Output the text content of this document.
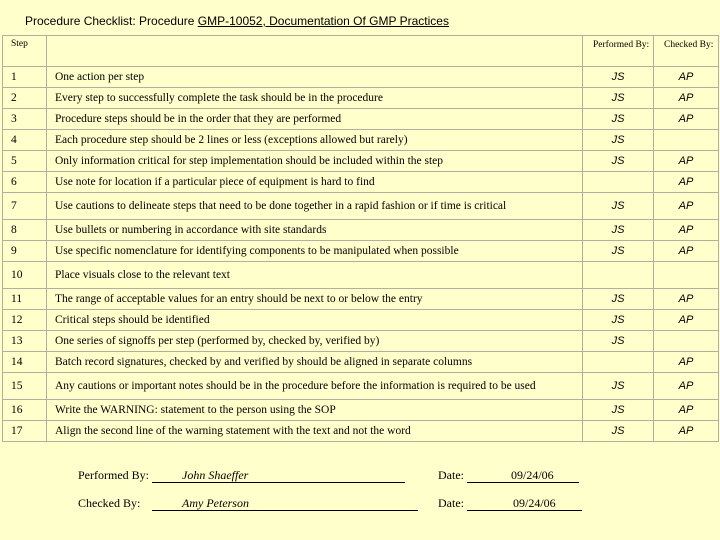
Procedure Checklist: Procedure GMP-10052, Documentation Of GMP Practices
Step		Performed By:	Checked By:
1	One action per step	JS	AP
2	Every step to successfully complete the task should be in the procedure	JS	AP
3	Procedure steps should be in the order that they are performed	JS	AP
4	Each procedure step should be 2 lines or less (exceptions allowed but rarely)	JS	
5	Only information critical for step implementation should be included within the step	JS	AP
6	Use note for location if a particular piece of equipment is hard to find		AP
7	Use cautions to delineate steps that need to be done together in a rapid fashion or if time is critical	JS	AP
8	Use bullets or numbering in accordance with site standards	JS	AP
9	Use specific nomenclature for identifying components to be manipulated when possible	JS	AP
10	Place visuals close to the relevant text		
11	The range of acceptable values for an entry should be next to or below the entry	JS	AP
12	Critical steps should be identified	JS	AP
13	One series of signoffs per step (performed by, checked by, verified by)	JS	
14	Batch record signatures, checked by and verified by should be aligned in separate columns		AP
15	Any cautions or important notes should be in the procedure before the information is required to be used	JS	AP
16	Write the WARNING: statement to the person using the SOP	JS	AP
17	Align the second line of the warning statement with the text and not the word	JS	AP
Performed By:	John Shaeffer	Date:	09/24/06
Checked By:	Amy Peterson	Date:	09/24/06
